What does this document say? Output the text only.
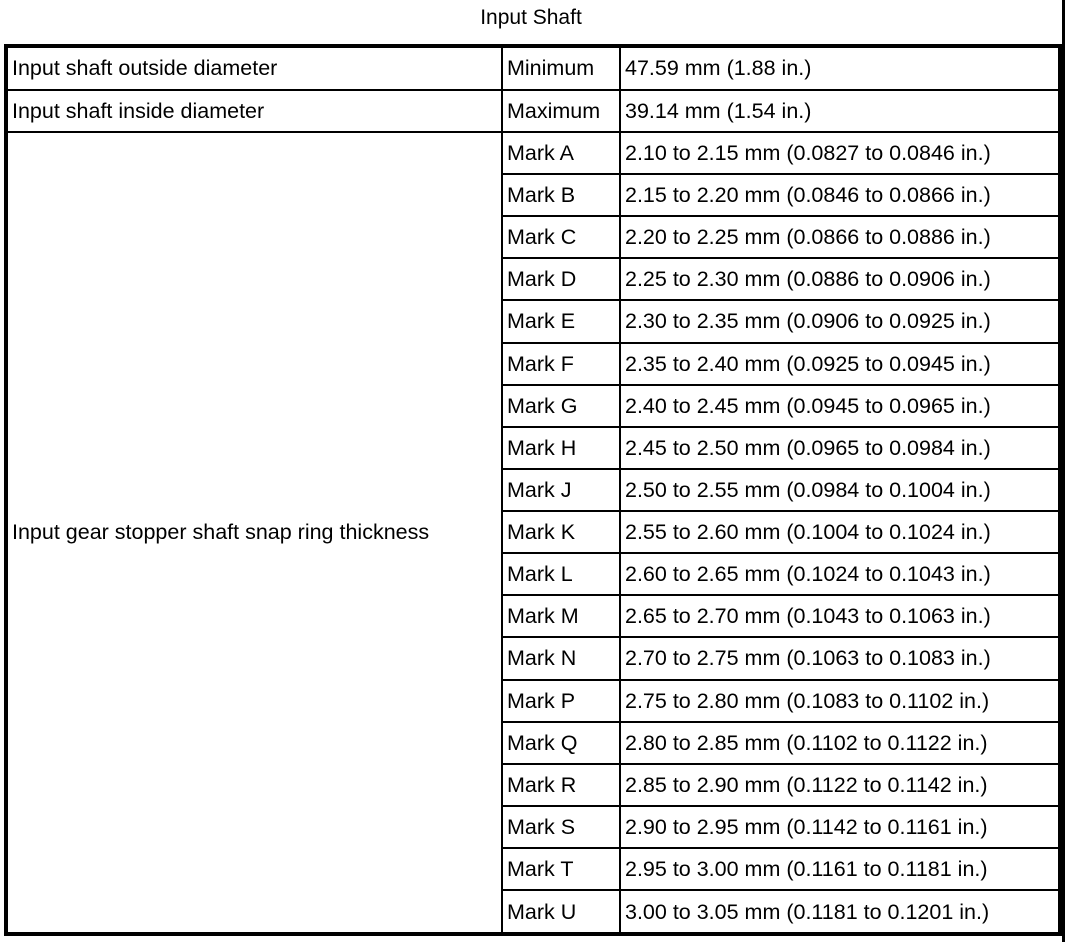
Input Shaft
Input shaft outside diameter	Minimum	47.59 mm (1.88 in.)
Input shaft inside diameter	Maximum	39.14 mm (1.54 in.)
Input gear stopper shaft snap ring thickness	Mark A	2.10 to 2.15 mm (0.0827 to 0.0846 in.)
	Mark B	2.15 to 2.20 mm (0.0846 to 0.0866 in.)
	Mark C	2.20 to 2.25 mm (0.0866 to 0.0886 in.)
	Mark D	2.25 to 2.30 mm (0.0886 to 0.0906 in.)
	Mark E	2.30 to 2.35 mm (0.0906 to 0.0925 in.)
	Mark F	2.35 to 2.40 mm (0.0925 to 0.0945 in.)
	Mark G	2.40 to 2.45 mm (0.0945 to 0.0965 in.)
	Mark H	2.45 to 2.50 mm (0.0965 to 0.0984 in.)
	Mark J	2.50 to 2.55 mm (0.0984 to 0.1004 in.)
	Mark K	2.55 to 2.60 mm (0.1004 to 0.1024 in.)
	Mark L	2.60 to 2.65 mm (0.1024 to 0.1043 in.)
	Mark M	2.65 to 2.70 mm (0.1043 to 0.1063 in.)
	Mark N	2.70 to 2.75 mm (0.1063 to 0.1083 in.)
	Mark P	2.75 to 2.80 mm (0.1083 to 0.1102 in.)
	Mark Q	2.80 to 2.85 mm (0.1102 to 0.1122 in.)
	Mark R	2.85 to 2.90 mm (0.1122 to 0.1142 in.)
	Mark S	2.90 to 2.95 mm (0.1142 to 0.1161 in.)
	Mark T	2.95 to 3.00 mm (0.1161 to 0.1181 in.)
	Mark U	3.00 to 3.05 mm (0.1181 to 0.1201 in.)
